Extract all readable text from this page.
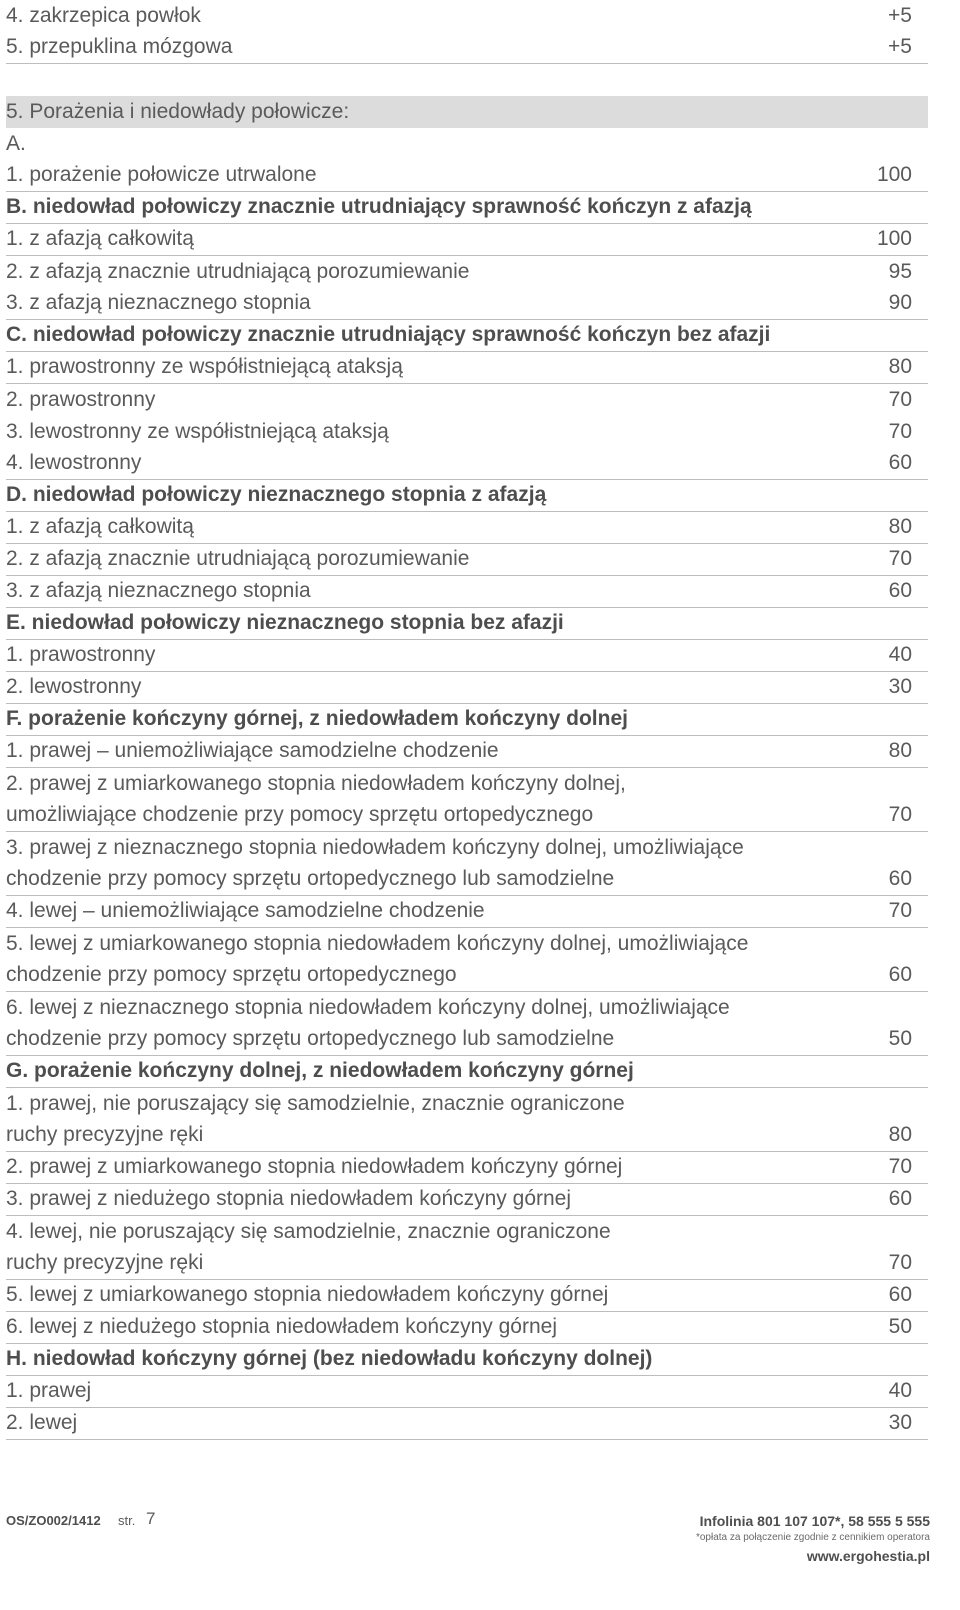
4. zakrzepica powłok	+5
5. przepuklina mózgowa	+5
5. Porażenia i niedowłady połowicze:
A.
1. porażenie połowicze utrwalone	100
B. niedowład połowiczy znacznie utrudniający sprawność kończyn z afazją
1. z afazją całkowitą	100
2. z afazją znacznie utrudniającą porozumiewanie	95
3. z afazją nieznacznego stopnia	90
C. niedowład połowiczy znacznie utrudniający sprawność kończyn bez afazji
1. prawostronny ze współistniejącą ataksją	80
2. prawostronny	70
3. lewostronny ze współistniejącą ataksją	70
4. lewostronny	60
D. niedowład połowiczy nieznacznego stopnia z afazją
1. z afazją całkowitą	80
2. z afazją znacznie utrudniającą porozumiewanie	70
3. z afazją nieznacznego stopnia	60
E. niedowład połowiczy nieznacznego stopnia bez afazji
1. prawostronny	40
2. lewostronny	30
F. porażenie kończyny górnej, z niedowładem kończyny dolnej
1. prawej – uniemożliwiające samodzielne chodzenie	80
2. prawej z umiarkowanego stopnia niedowładem kończyny dolnej,
umożliwiające chodzenie przy pomocy sprzętu ortopedycznego	70
3. prawej z nieznacznego stopnia niedowładem kończyny dolnej, umożliwiające
chodzenie przy pomocy sprzętu ortopedycznego lub samodzielne	60
4. lewej – uniemożliwiające samodzielne chodzenie	70
5. lewej z umiarkowanego stopnia niedowładem kończyny dolnej, umożliwiające
chodzenie przy pomocy sprzętu ortopedycznego	60
6. lewej z nieznacznego stopnia niedowładem kończyny dolnej, umożliwiające
chodzenie przy pomocy sprzętu ortopedycznego lub samodzielne	50
G. porażenie kończyny dolnej, z niedowładem kończyny górnej
1. prawej, nie poruszający się samodzielnie, znacznie ograniczone
ruchy precyzyjne ręki	80
2. prawej z umiarkowanego stopnia niedowładem kończyny górnej	70
3. prawej z niedużego stopnia niedowładem kończyny górnej	60
4. lewej, nie poruszający się samodzielnie, znacznie ograniczone
ruchy precyzyjne ręki	70
5. lewej z umiarkowanego stopnia niedowładem kończyny górnej	60
6. lewej z niedużego stopnia niedowładem kończyny górnej	50
H. niedowład kończyny górnej (bez niedowładu kończyny dolnej)
1. prawej	40
2. lewej	30
OS/ZO002/1412 str. 7	Infolinia 801 107 107*, 58 555 5 555
*opłata za połączenie zgodnie z cennikiem operatora
www.ergohestia.pl
